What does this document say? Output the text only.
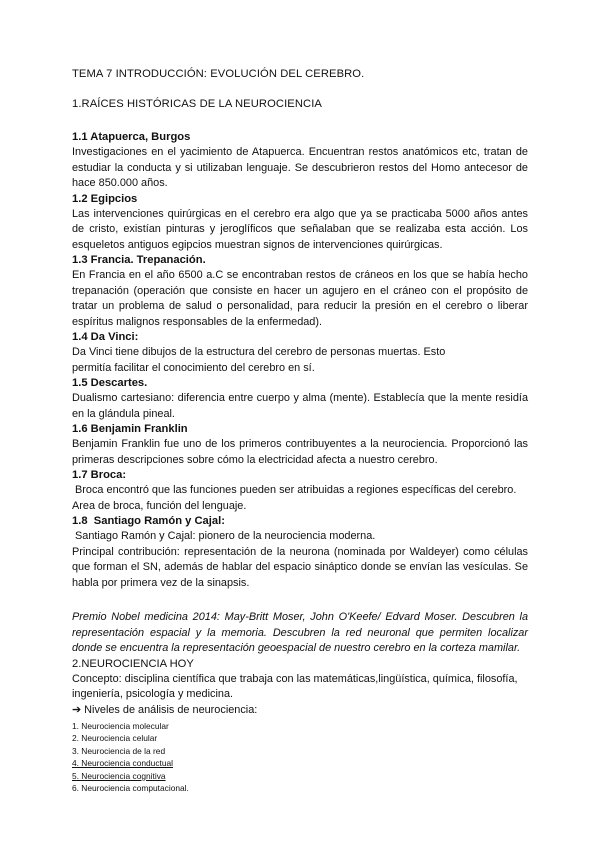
TEMA 7 INTRODUCCIÓN: EVOLUCIÓN DEL CEREBRO.

1.RAÍCES HISTÓRICAS DE LA NEUROCIENCIA

1.1 Atapuerca, Burgos

Investigaciones en el yacimiento de Atapuerca. Encuentran restos anatómicos etc, tratan de estudiar la conducta y si utilizaban lenguaje. Se descubrieron restos del Homo antecesor de hace 850.000 años.

1.2 Egipcios

Las intervenciones quirúrgicas en el cerebro era algo que ya se practicaba 5000 años antes de cristo, existían pinturas y jeroglíficos que señalaban que se realizaba esta acción. Los esqueletos antiguos egipcios muestran signos de intervenciones quirúrgicas.

1.3 Francia. Trepanación.

En Francia en el año 6500 a.C se encontraban restos de cráneos en los que se había hecho trepanación (operación que consiste en hacer un agujero en el cráneo con el propósito de tratar un problema de salud o personalidad, para reducir la presión en el cerebro o liberar espíritus malignos responsables de la enfermedad).

1.4 Da Vinci:

Da Vinci tiene dibujos de la estructura del cerebro de personas muertas. Esto

permitía facilitar el conocimiento del cerebro en sí.

1.5 Descartes.

Dualismo cartesiano: diferencia entre cuerpo y alma (mente). Establecía que la mente residía en la glándula pineal.

1.6 Benjamin Franklin

Benjamin Franklin fue uno de los primeros contribuyentes a la neurociencia. Proporcionó las primeras descripciones sobre cómo la electricidad afecta a nuestro cerebro.

1.7 Broca:

Broca encontró que las funciones pueden ser atribuidas a regiones específicas del cerebro.

Area de broca, función del lenguaje.

1.8  Santiago Ramón y Cajal:

Santiago Ramón y Cajal: pionero de la neurociencia moderna.

Principal contribución: representación de la neurona (nominada por Waldeyer) como células que forman el SN, además de hablar del espacio sináptico donde se envían las vesículas. Se habla por primera vez de la sinapsis.

Premio Nobel medicina 2014: May-Britt Moser, John O'Keefe/ Edvard Moser. Descubren la representación espacial y la memoria. Descubren la red neuronal que permiten localizar donde se encuentra la representación geoespacial de nuestro cerebro en la corteza mamilar.

2.NEUROCIENCIA HOY

Concepto: disciplina científica que trabaja con las matemáticas,lingüística, química, filosofía, ingeniería, psicología y medicina.

➔ Niveles de análisis de neurociencia:

1. Neurociencia molecular
2. Neurociencia celular
3. Neurociencia de la red
4. Neurociencia conductual
5. Neurociencia cognitiva
6. Neurociencia computacional.
